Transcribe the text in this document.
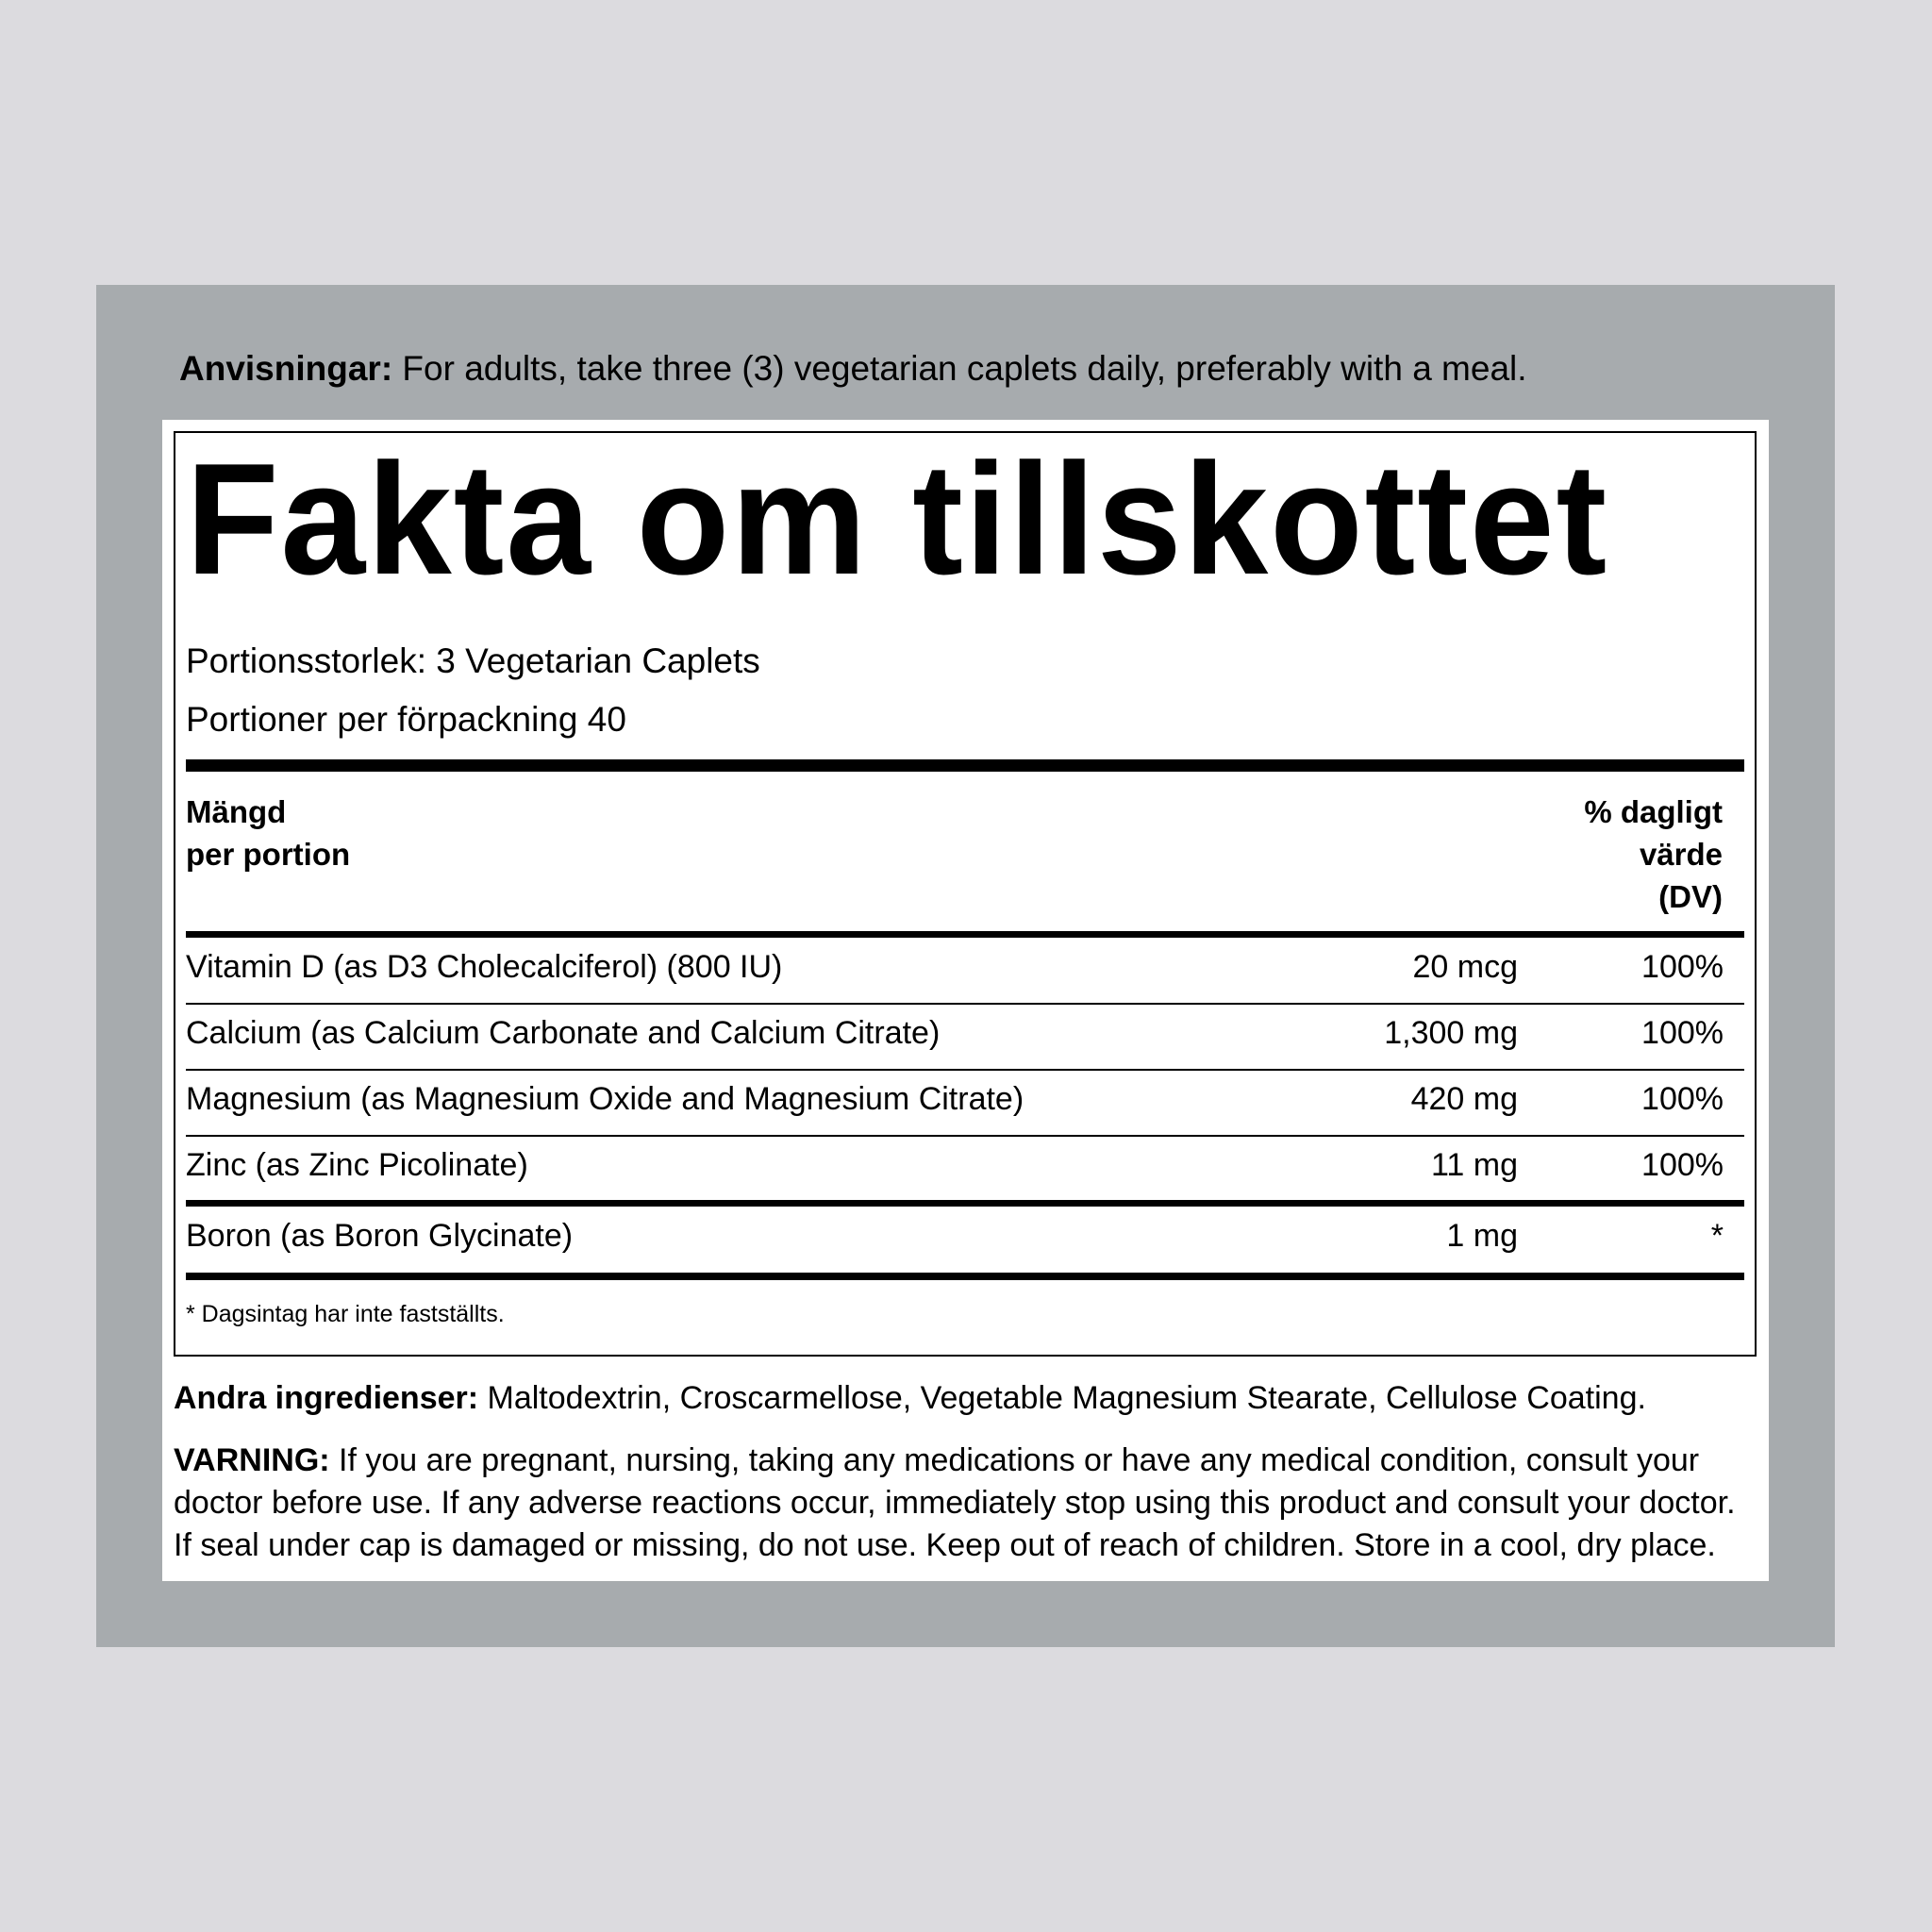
Anvisningar: For adults, take three (3) vegetarian caplets daily, preferably with a meal.
Fakta om tillskottet
Portionsstorlek: 3 Vegetarian Caplets
Portioner per förpackning 40
Mängd
per portion
% dagligt
värde
(DV)
Vitamin D (as D3 Cholecalciferol) (800 IU)	20 mcg	100%
Calcium (as Calcium Carbonate and Calcium Citrate)	1,300 mg	100%
Magnesium (as Magnesium Oxide and Magnesium Citrate)	420 mg	100%
Zinc (as Zinc Picolinate)	11 mg	100%
Boron (as Boron Glycinate)	1 mg	*
* Dagsintag har inte fastställts.
Andra ingredienser: Maltodextrin, Croscarmellose, Vegetable Magnesium Stearate, Cellulose Coating.
VARNING: If you are pregnant, nursing, taking any medications or have any medical condition, consult your doctor before use. If any adverse reactions occur, immediately stop using this product and consult your doctor. If seal under cap is damaged or missing, do not use. Keep out of reach of children. Store in a cool, dry place.
